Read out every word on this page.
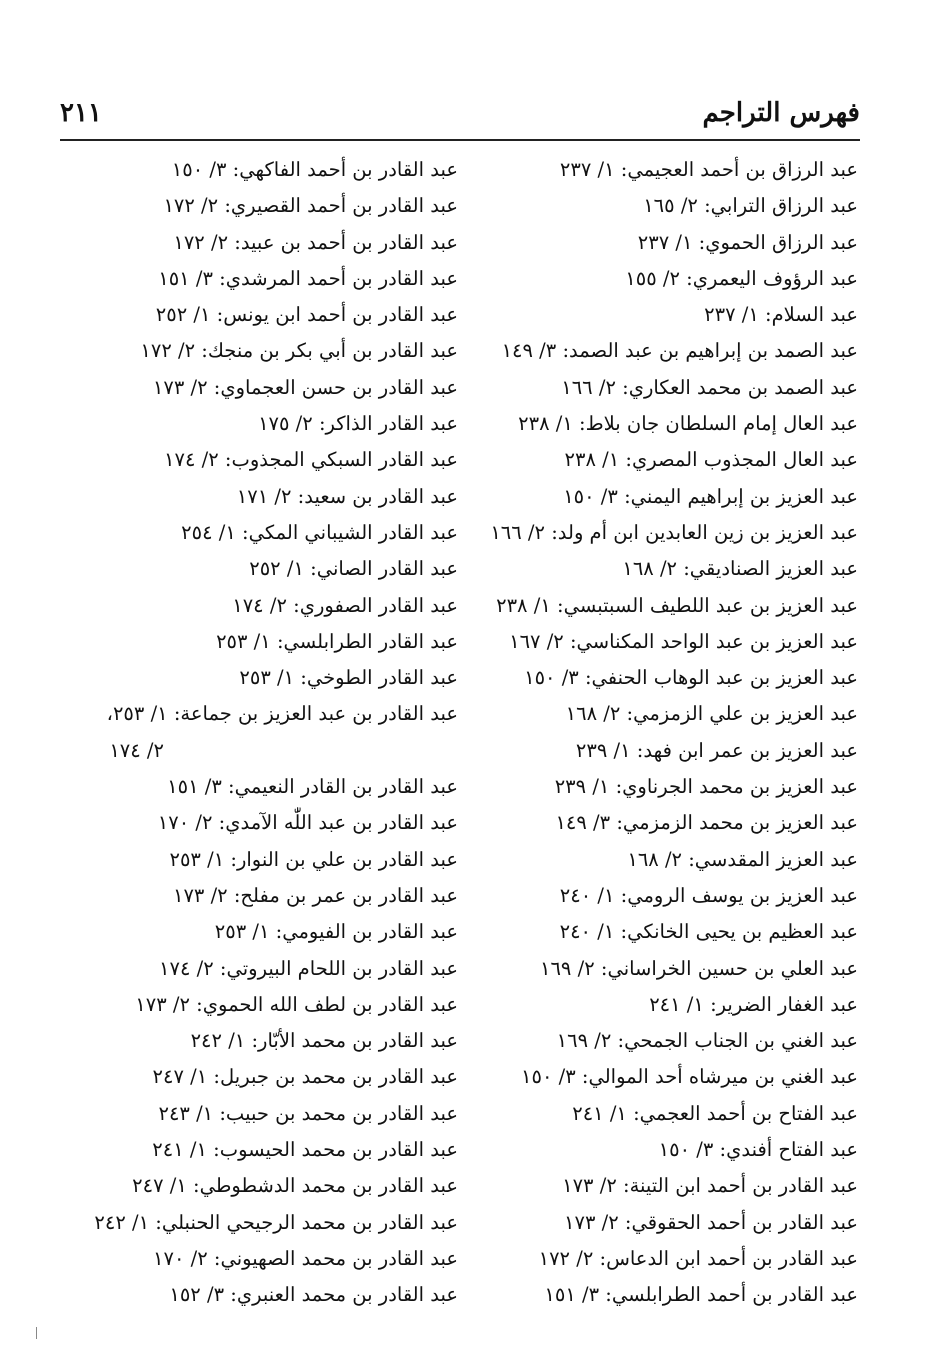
فهرس التراجم
٢١١
عبد الرزاق بن أحمد العجيمي: ١/ ٢٣٧
عبد الرزاق الترابي: ٢/ ١٦٥
عبد الرزاق الحموي: ١/ ٢٣٧
عبد الرؤوف اليعمري: ٢/ ١٥٥
عبد السلام: ١/ ٢٣٧
عبد الصمد بن إبراهيم بن عبد الصمد: ٣/ ١٤٩
عبد الصمد بن محمد العكاري: ٢/ ١٦٦
عبد العال إمام السلطان جان بلاط: ١/ ٢٣٨
عبد العال المجذوب المصري: ١/ ٢٣٨
عبد العزيز بن إبراهيم اليمني: ٣/ ١٥٠
عبد العزيز بن زين العابدين ابن أم ولد: ٢/ ١٦٦
عبد العزيز الصناديقي: ٢/ ١٦٨
عبد العزيز بن عبد اللطيف السبتبسي: ١/ ٢٣٨
عبد العزيز بن عبد الواحد المكناسي: ٢/ ١٦٧
عبد العزيز بن عبد الوهاب الحنفي: ٣/ ١٥٠
عبد العزيز بن علي الزمزمي: ٢/ ١٦٨
عبد العزيز بن عمر ابن فهد: ١/ ٢٣٩
عبد العزيز بن محمد الجرناوي: ١/ ٢٣٩
عبد العزيز بن محمد الزمزمي: ٣/ ١٤٩
عبد العزيز المقدسي: ٢/ ١٦٨
عبد العزيز بن يوسف الرومي: ١/ ٢٤٠
عبد العظيم بن يحيى الخانكي: ١/ ٢٤٠
عبد العلي بن حسين الخراساني: ٢/ ١٦٩
عبد الغفار الضرير: ١/ ٢٤١
عبد الغني بن الجناب الجمحي: ٢/ ١٦٩
عبد الغني بن ميرشاه أحد الموالي: ٣/ ١٥٠
عبد الفتاح بن أحمد العجمي: ١/ ٢٤١
عبد الفتاح أفندي: ٣/ ١٥٠
عبد القادر بن أحمد ابن التينة: ٢/ ١٧٣
عبد القادر بن أحمد الحقوقي: ٢/ ١٧٣
عبد القادر بن أحمد ابن الدعاس: ٢/ ١٧٢
عبد القادر بن أحمد الطرابلسي: ٣/ ١٥١
عبد القادر بن أحمد الفاكهي: ٣/ ١٥٠
عبد القادر بن أحمد القصيري: ٢/ ١٧٢
عبد القادر بن أحمد بن عبيد: ٢/ ١٧٢
عبد القادر بن أحمد المرشدي: ٣/ ١٥١
عبد القادر بن أحمد ابن يونس: ١/ ٢٥٢
عبد القادر بن أبي بكر بن منجك: ٢/ ١٧٢
عبد القادر بن حسن العجماوي: ٢/ ١٧٣
عبد القادر الذاكر: ٢/ ١٧٥
عبد القادر السبكي المجذوب: ٢/ ١٧٤
عبد القادر بن سعيد: ٢/ ١٧١
عبد القادر الشيباني المكي: ١/ ٢٥٤
عبد القادر الصاني: ١/ ٢٥٢
عبد القادر الصفوري: ٢/ ١٧٤
عبد القادر الطرابلسي: ١/ ٢٥٣
عبد القادر الطوخي: ١/ ٢٥٣
عبد القادر بن عبد العزيز بن جماعة: ١/ ٢٥٣،
٢/ ١٧٤
عبد القادر بن القادر النعيمي: ٣/ ١٥١
عبد القادر بن عبد اللّٰه الآمدي: ٢/ ١٧٠
عبد القادر بن علي بن النوار: ١/ ٢٥٣
عبد القادر بن عمر بن مفلح: ٢/ ١٧٣
عبد القادر بن الفيومي: ١/ ٢٥٣
عبد القادر بن اللحام البيروتي: ٢/ ١٧٤
عبد القادر بن لطف الله الحموي: ٢/ ١٧٣
عبد القادر بن محمد الأبّار: ١/ ٢٤٢
عبد القادر بن محمد بن جبريل: ١/ ٢٤٧
عبد القادر بن محمد بن حبيب: ١/ ٢٤٣
عبد القادر بن محمد الحيسوب: ١/ ٢٤١
عبد القادر بن محمد الدشطوطي: ١/ ٢٤٧
عبد القادر بن محمد الرجيحي الحنبلي: ١/ ٢٤٢
عبد القادر بن محمد الصهيوني: ٢/ ١٧٠
عبد القادر بن محمد العنبري: ٣/ ١٥٢
